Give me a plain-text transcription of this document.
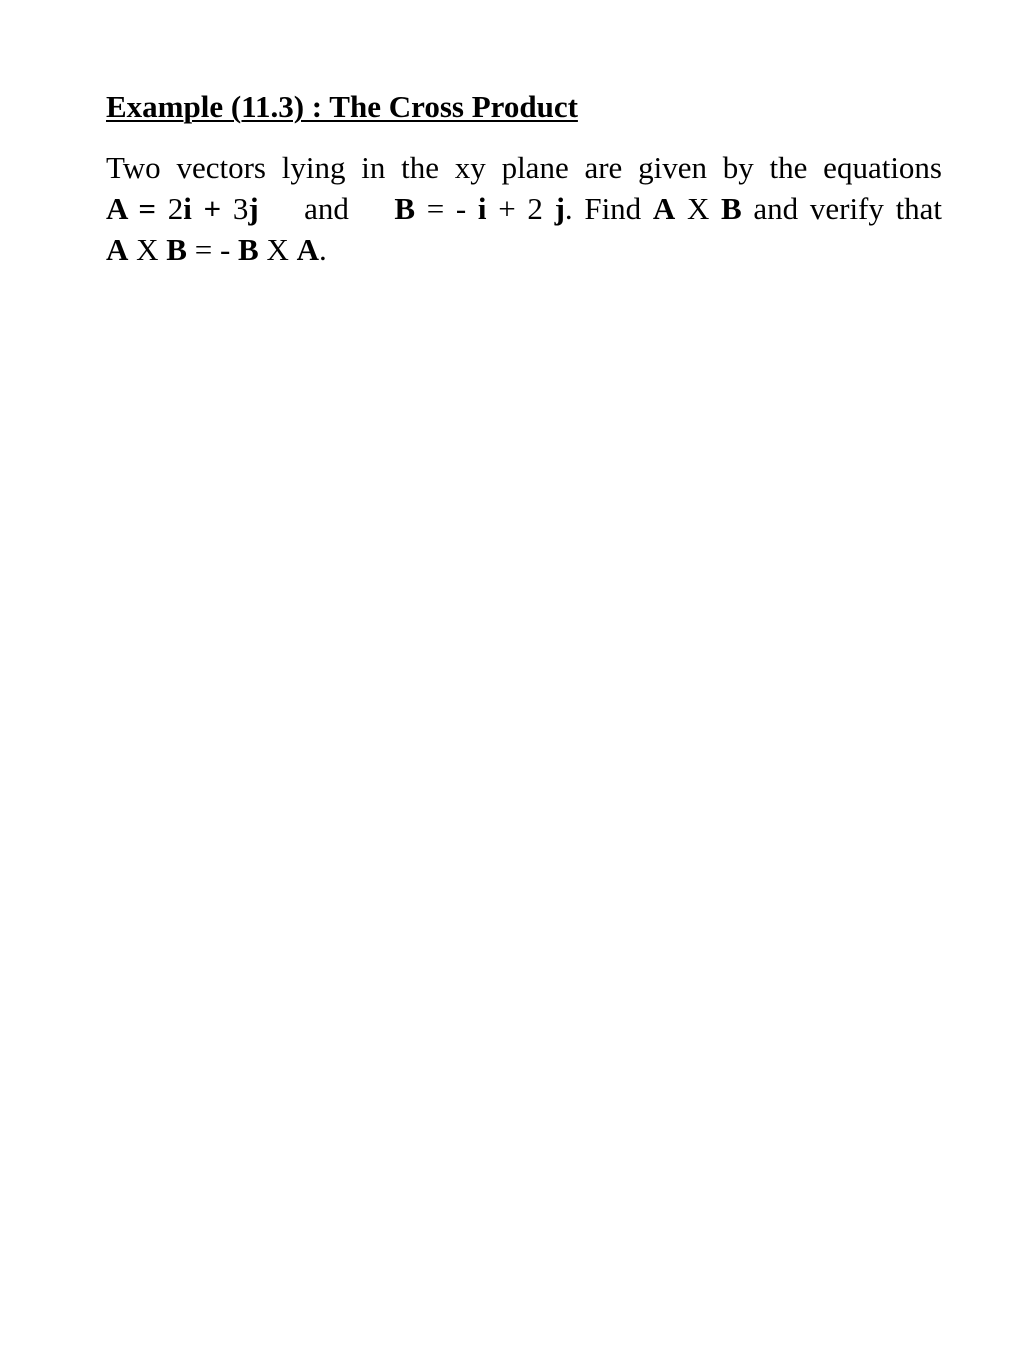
Example (11.3) : The Cross Product

Two vectors lying in the xy plane are given by the equations
A = 2i + 3j and B = - i + 2 j. Find A X B and verify that
A X B = - B X A.
